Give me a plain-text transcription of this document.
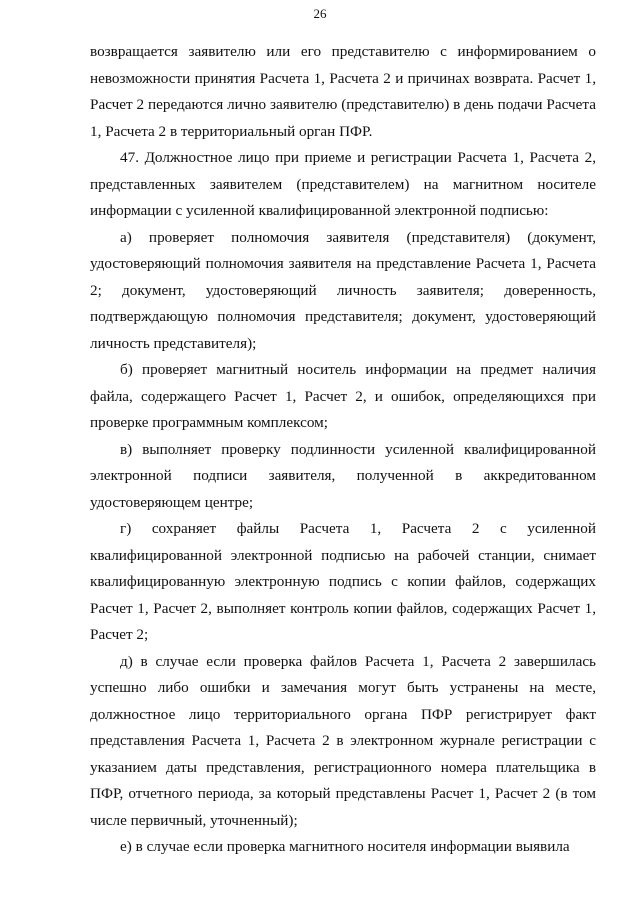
26

возвращается заявителю или его представителю с информированием о невозможности принятия Расчета 1, Расчета 2 и причинах возврата. Расчет 1, Расчет 2 передаются лично заявителю (представителю) в день подачи Расчета 1, Расчета 2 в территориальный орган ПФР.

47. Должностное лицо при приеме и регистрации Расчета 1, Расчета 2, представленных заявителем (представителем) на магнитном носителе информации с усиленной квалифицированной электронной подписью:

а) проверяет полномочия заявителя (представителя) (документ, удостоверяющий полномочия заявителя на представление Расчета 1, Расчета 2; документ, удостоверяющий личность заявителя; доверенность, подтверждающую полномочия представителя; документ, удостоверяющий личность представителя);

б) проверяет магнитный носитель информации на предмет наличия файла, содержащего Расчет 1, Расчет 2, и ошибок, определяющихся при проверке программным комплексом;

в) выполняет проверку подлинности усиленной квалифицированной электронной подписи заявителя, полученной в аккредитованном удостоверяющем центре;

г) сохраняет файлы Расчета 1, Расчета 2 с усиленной квалифицированной электронной подписью на рабочей станции, снимает квалифицированную электронную подпись с копии файлов, содержащих Расчет 1, Расчет 2, выполняет контроль копии файлов, содержащих Расчет 1, Расчет 2;

д) в случае если проверка файлов Расчета 1, Расчета 2 завершилась успешно либо ошибки и замечания могут быть устранены на месте, должностное лицо территориального органа ПФР регистрирует факт представления Расчета 1, Расчета 2 в электронном журнале регистрации с указанием даты представления, регистрационного номера плательщика в ПФР, отчетного периода, за который представлены Расчет 1, Расчет 2 (в том числе первичный, уточненный);

е) в случае если проверка магнитного носителя информации выявила
